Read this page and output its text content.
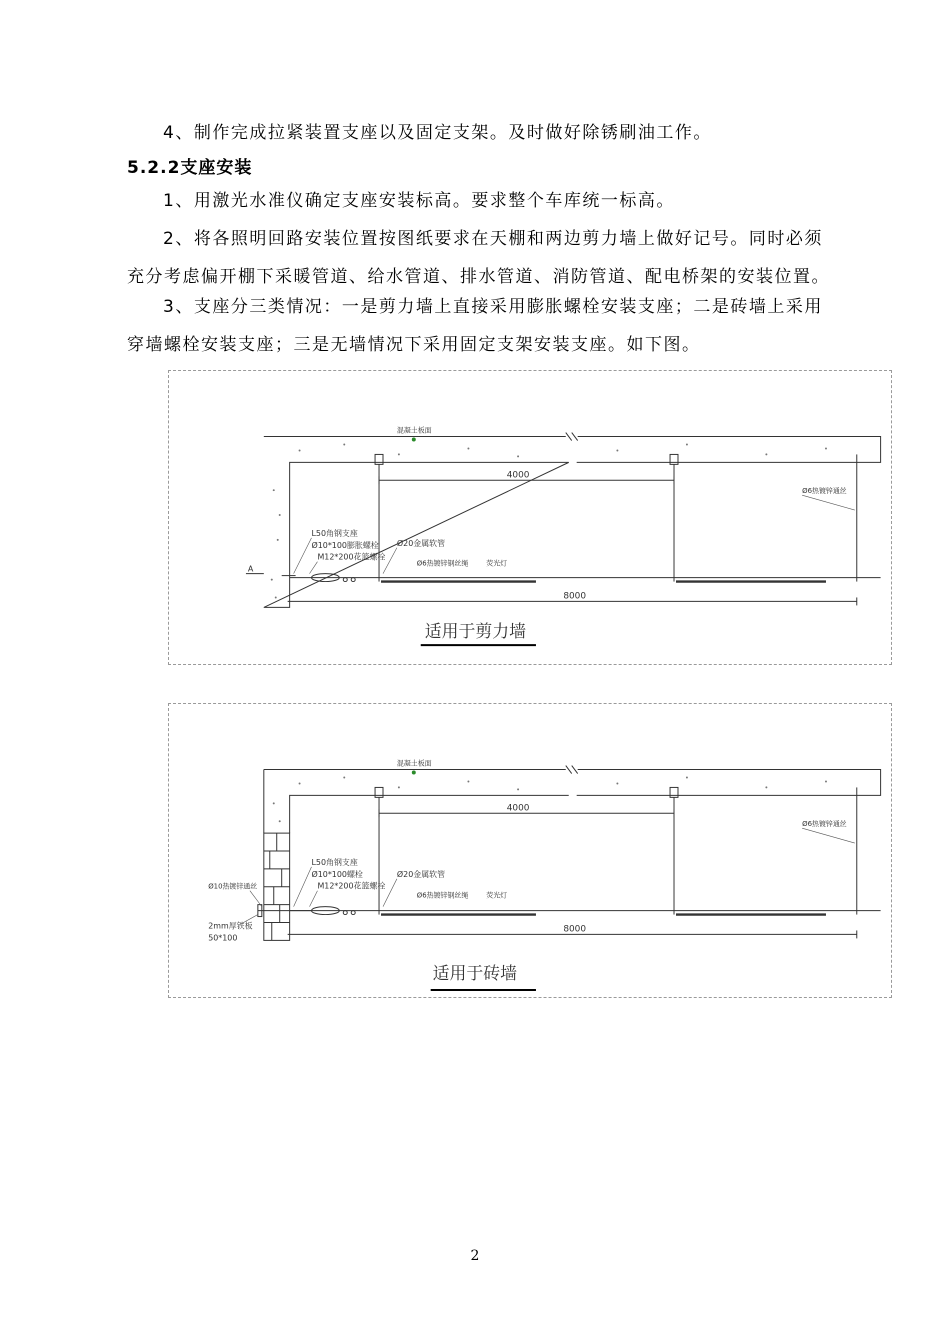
4、制作完成拉紧装置支座以及固定支架。及时做好除锈刷油工作。

5.2.2支座安装

1、用激光水准仪确定支座安装标高。要求整个车库统一标高。

2、将各照明回路安装位置按图纸要求在天棚和两边剪力墙上做好记号。同时必须充分考虑偏开棚下采暖管道、给水管道、排水管道、消防管道、配电桥架的安装位置。

3、支座分三类情况：一是剪力墙上直接采用膨胀螺栓安装支座；二是砖墙上采用穿墙螺栓安装支座；三是无墙情况下采用固定支架安装支座。如下图。

混凝土板面
4000
8000
A
L50角钢支座
Ø10*100膨胀螺栓
M12*200花篮螺栓
Ø20金属软管
Ø6热镀锌钢丝绳	荧光灯
Ø6热镀锌通丝
适用于剪力墙
混凝土板面
4000
8000
L50角钢支座
Ø10*100螺栓
M12*200花篮螺栓
Ø20金属软管
Ø6热镀锌钢丝绳	荧光灯
Ø6热镀锌通丝
Ø10热镀锌通丝
2mm厚铁板
50*100
适用于砖墙
2
